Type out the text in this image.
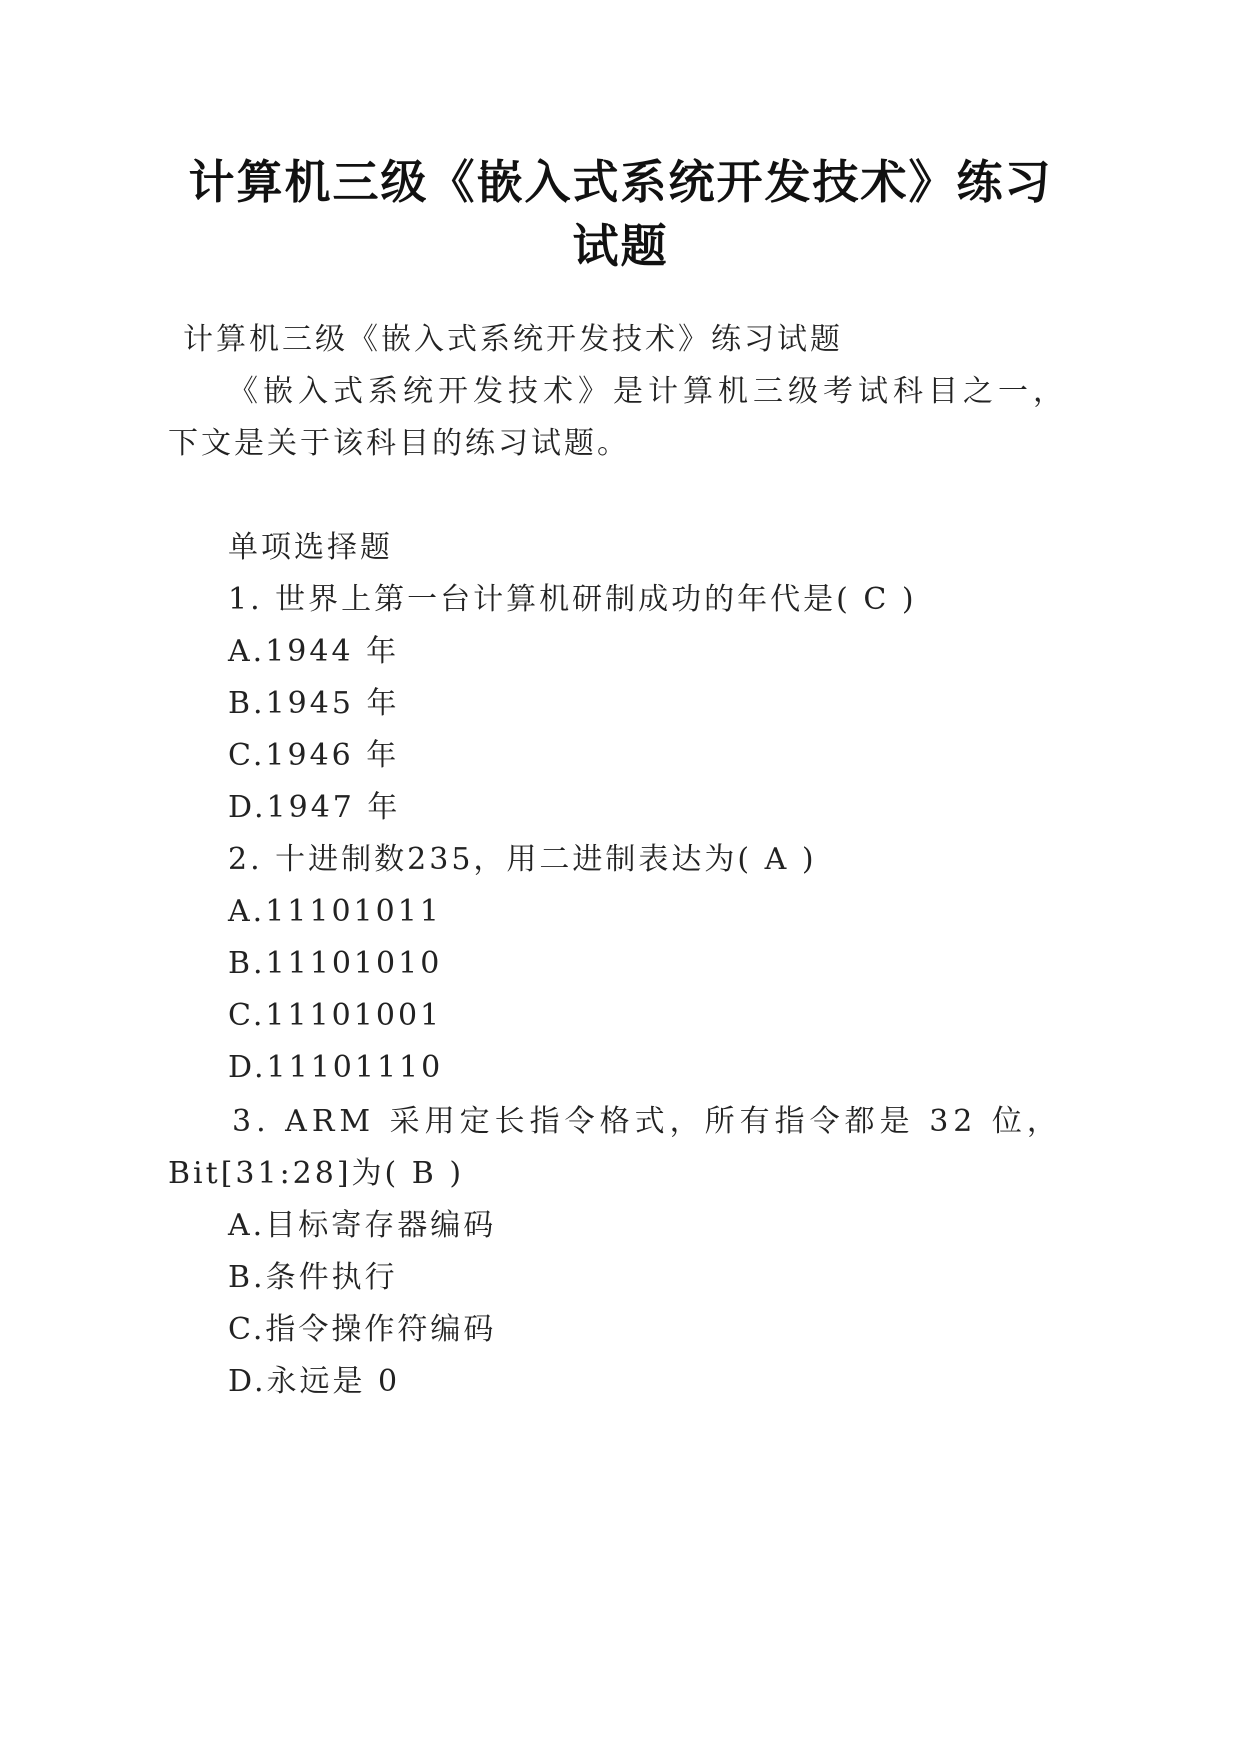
计算机三级《嵌入式系统开发技术》练习试题
计算机三级《嵌入式系统开发技术》练习试题
《嵌入式系统开发技术》是计算机三级考试科目之一，
下文是关于该科目的练习试题。
单项选择题
1. 世界上第一台计算机研制成功的年代是( C )
A.1944 年
B.1945 年
C.1946 年
D.1947 年
2. 十进制数235，用二进制表达为( A )
A.11101011
B.11101010
C.11101001
D.11101110
3. ARM 采用定长指令格式，所有指令都是 32 位，
Bit[31:28]为( B )
A.目标寄存器编码
B.条件执行
C.指令操作符编码
D.永远是 0
